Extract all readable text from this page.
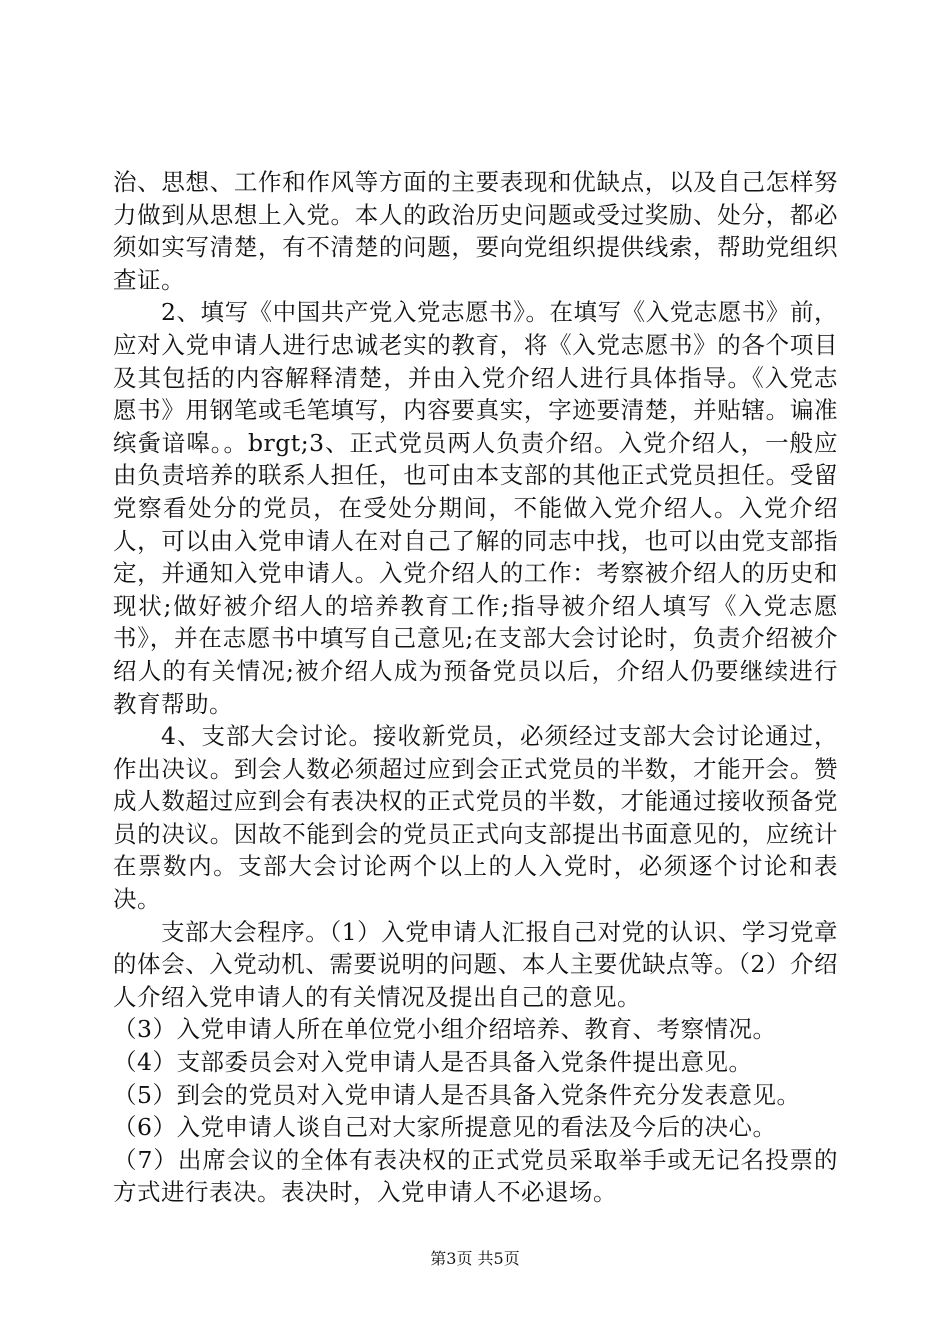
治、思想、工作和作风等方面的主要表现和优缺点，以及自己怎样努力做到从思想上入党。本人的政治历史问题或受过奖励、处分，都必须如实写清楚，有不清楚的问题，要向党组织提供线索，帮助党组织查证。

2、填写《中国共产党入党志愿书》。在填写《入党志愿书》前，应对入党申请人进行忠诚老实的教育，将《入党志愿书》的各个项目及其包括的内容解释清楚，并由入党介绍人进行具体指导。《入党志愿书》用钢笔或毛笔填写，内容要真实，字迹要清楚，并贴辖。谝准缤夤谙嗥。。brgt;3、正式党员两人负责介绍。入党介绍人，一般应由负责培养的联系人担任，也可由本支部的其他正式党员担任。受留党察看处分的党员，在受处分期间，不能做入党介绍人。入党介绍人，可以由入党申请人在对自己了解的同志中找，也可以由党支部指定，并通知入党申请人。入党介绍人的工作：考察被介绍人的历史和现状;做好被介绍人的培养教育工作;指导被介绍人填写《入党志愿书》，并在志愿书中填写自己意见;在支部大会讨论时，负责介绍被介绍人的有关情况;被介绍人成为预备党员以后，介绍人仍要继续进行教育帮助。

4、支部大会讨论。接收新党员，必须经过支部大会讨论通过，作出决议。到会人数必须超过应到会正式党员的半数，才能开会。赞成人数超过应到会有表决权的正式党员的半数，才能通过接收预备党员的决议。因故不能到会的党员正式向支部提出书面意见的，应统计在票数内。支部大会讨论两个以上的人入党时，必须逐个讨论和表决。

支部大会程序。（1）入党申请人汇报自己对党的认识、学习党章的体会、入党动机、需要说明的问题、本人主要优缺点等。（2）介绍人介绍入党申请人的有关情况及提出自己的意见。

（3）入党申请人所在单位党小组介绍培养、教育、考察情况。

（4）支部委员会对入党申请人是否具备入党条件提出意见。

（5）到会的党员对入党申请人是否具备入党条件充分发表意见。

（6）入党申请人谈自己对大家所提意见的看法及今后的决心。

（7）出席会议的全体有表决权的正式党员采取举手或无记名投票的方式进行表决。表决时，入党申请人不必退场。

第3页 共5页
